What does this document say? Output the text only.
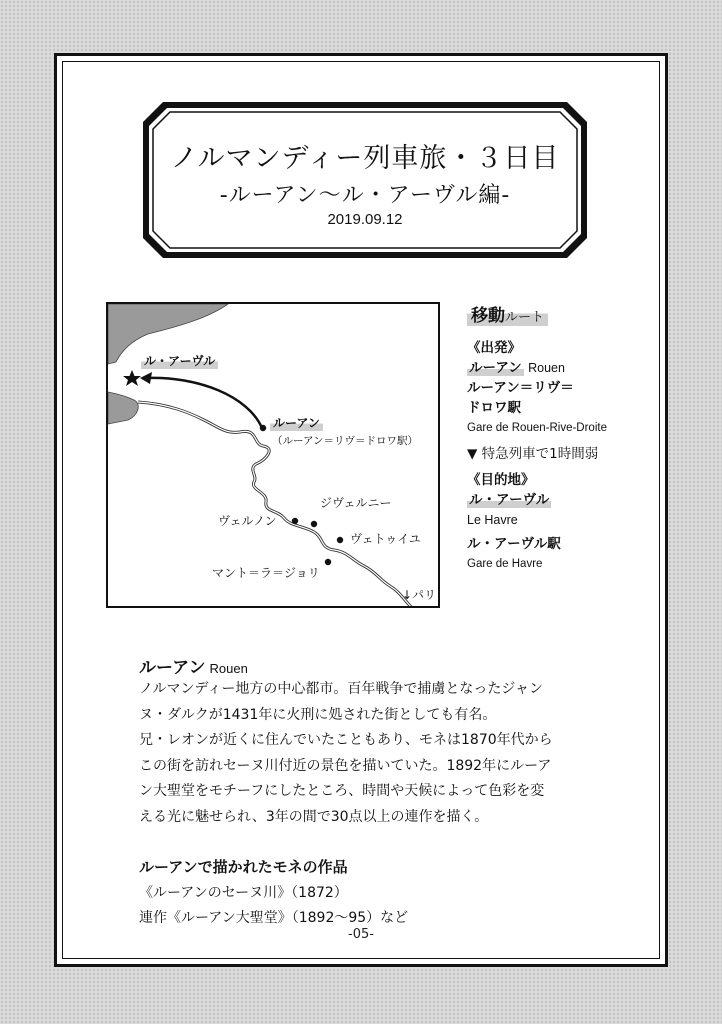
ノルマンディー列車旅・３日目
-ルーアン〜ル・アーヴル編-
2019.09.12
ル・アーヴル
ルーアン
（ルーアン＝リヴ＝ドロワ駅）
ジヴェルニー
ヴェルノン
ヴェトゥイユ
マント＝ラ＝ジョリ
↓パリ
移動ルート
《出発》
ルーアン Rouen
ルーアン＝リヴ＝
ドロワ駅
Gare de Rouen-Rive-Droite
▼ 特急列車で1時間弱
《目的地》
ル・アーヴル
Le Havre
ル・アーヴル駅
Gare de Havre
ルーアン Rouen
ノルマンディー地方の中心都市。百年戦争で捕虜となったジャン
ヌ・ダルクが1431年に火刑に処された街としても有名。
兄・レオンが近くに住んでいたこともあり、モネは1870年代から
この街を訪れセーヌ川付近の景色を描いていた。1892年にルーア
ン大聖堂をモチーフにしたところ、時間や天候によって色彩を変
える光に魅せられ、3年の間で30点以上の連作を描く。
ルーアンで描かれたモネの作品
《ルーアンのセーヌ川》（1872）
連作《ルーアン大聖堂》（1892〜95）など
-05-
